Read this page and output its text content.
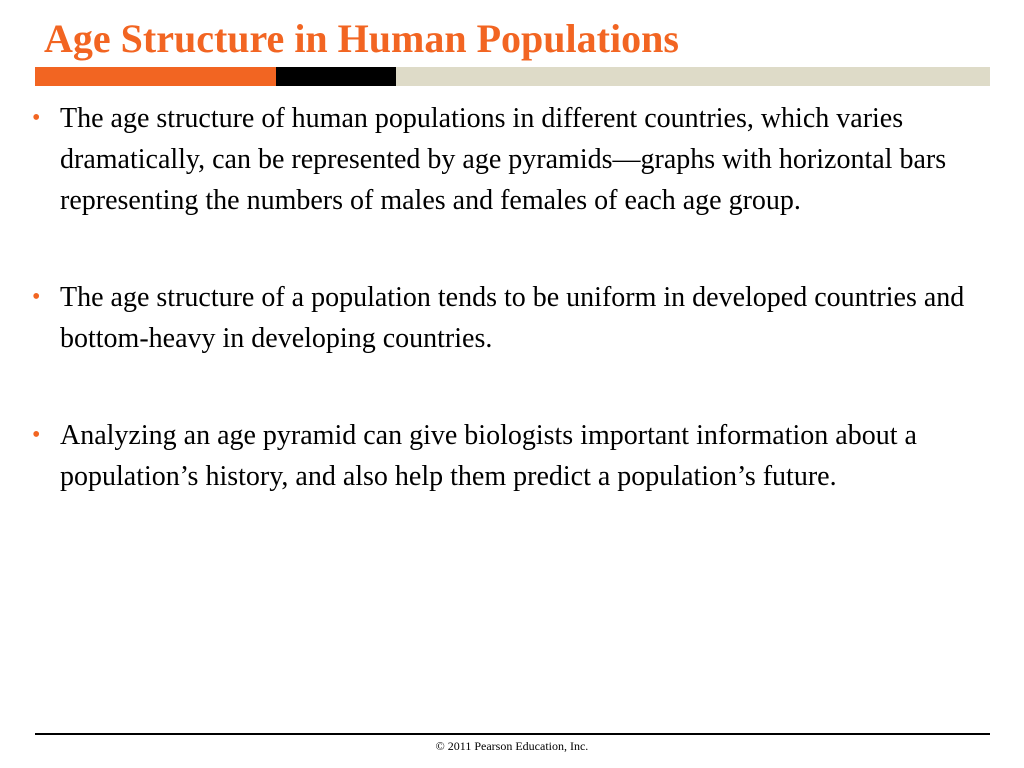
Age Structure in Human Populations
• The age structure of human populations in different countries, which varies dramatically, can be represented by age pyramids—graphs with horizontal bars representing the numbers of males and females of each age group.
• The age structure of a population tends to be uniform in developed countries and bottom-heavy in developing countries.
• Analyzing an age pyramid can give biologists important information about a population’s history, and also help them predict a population’s future.
© 2011 Pearson Education, Inc.
